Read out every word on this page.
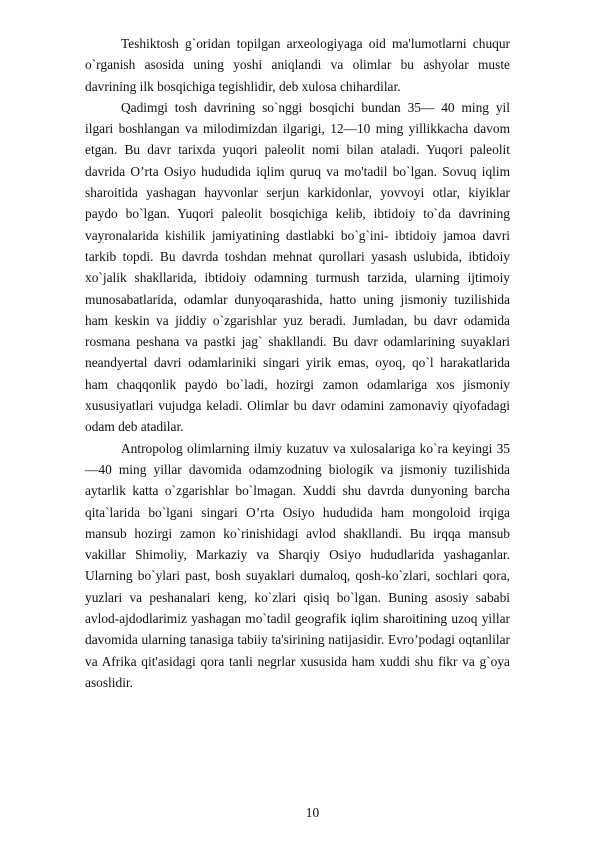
Teshiktosh g`oridan topilgan arxeologiyaga oid ma'lumotlarni chuqur o`rganish asosida uning yoshi aniqlandi va olimlar bu ashyolar muste davrining ilk bosqichiga tegishlidir, deb xulosa chihardilar.

Qadimgi tosh davrining so`nggi bosqichi bundan 35— 40 ming yil ilgari boshlangan va milodimizdan ilgarigi, 12—10 ming yillikkacha davom etgan. Bu davr tarixda yuqori paleolit nomi bilan ataladi. Yuqori paleolit davrida O’rta Osiyo hududida iqlim quruq va mo'tadil bo`lgan. Sovuq iqlim sharoitida yashagan hayvonlar serjun karkidonlar, yovvoyi otlar, kiyiklar paydo bo`lgan. Yuqori paleolit bosqichiga kelib, ibtidoiy to`da davrining vayronalarida kishilik jamiyatining dastlabki bo`g`ini- ibtidoiy jamoa davri tarkib topdi. Bu davrda toshdan mehnat qurollari yasash uslubida, ibtidoiy xo`jalik shakllarida, ibtidoiy odamning turmush tarzida, ularning ijtimoiy munosabatlarida, odamlar dunyoqarashida, hatto uning jismoniy tuzilishida ham keskin va jiddiy o`zgarishlar yuz beradi. Jumladan, bu davr odamida rosmana peshana va pastki jag` shakllandi. Bu davr odamlarining suyaklari neandyertal davri odamlariniki singari yirik emas, oyoq, qo`l harakatlarida ham chaqqonlik paydo bo`ladi, hozirgi zamon odamlariga xos jismoniy xususiyatlari vujudga keladi. Olimlar bu davr odamini zamonaviy qiyofadagi odam deb atadilar.

Antropolog olimlarning ilmiy kuzatuv va xulosalariga ko`ra keyingi 35—40 ming yillar davomida odamzodning biologik va jismoniy tuzilishida aytarlik katta o`zgarishlar bo`lmagan. Xuddi shu davrda dunyoning barcha qita`larida bo`lgani singari O’rta Osiyo hududida ham mongoloid irqiga mansub hozirgi zamon ko`rinishidagi avlod shakllandi. Bu irqqa mansub vakillar Shimoliy, Markaziy va Sharqiy Osiyo hududlarida yashaganlar. Ularning bo`ylari past, bosh suyaklari dumaloq, qosh-ko`zlari, sochlari qora, yuzlari va peshanalari keng, ko`zlari qisiq bo`lgan. Buning asosiy sababi avlod-ajdodlarimiz yashagan mo`tadil geografik iqlim sharoitining uzoq yillar davomida ularning tanasiga tabiiy ta'sirining natijasidir. Evro’podagi oqtanlilar va Afrika qit'asidagi qora tanli negrlar xususida ham xuddi shu fikr va g`oya asoslidir.

10
